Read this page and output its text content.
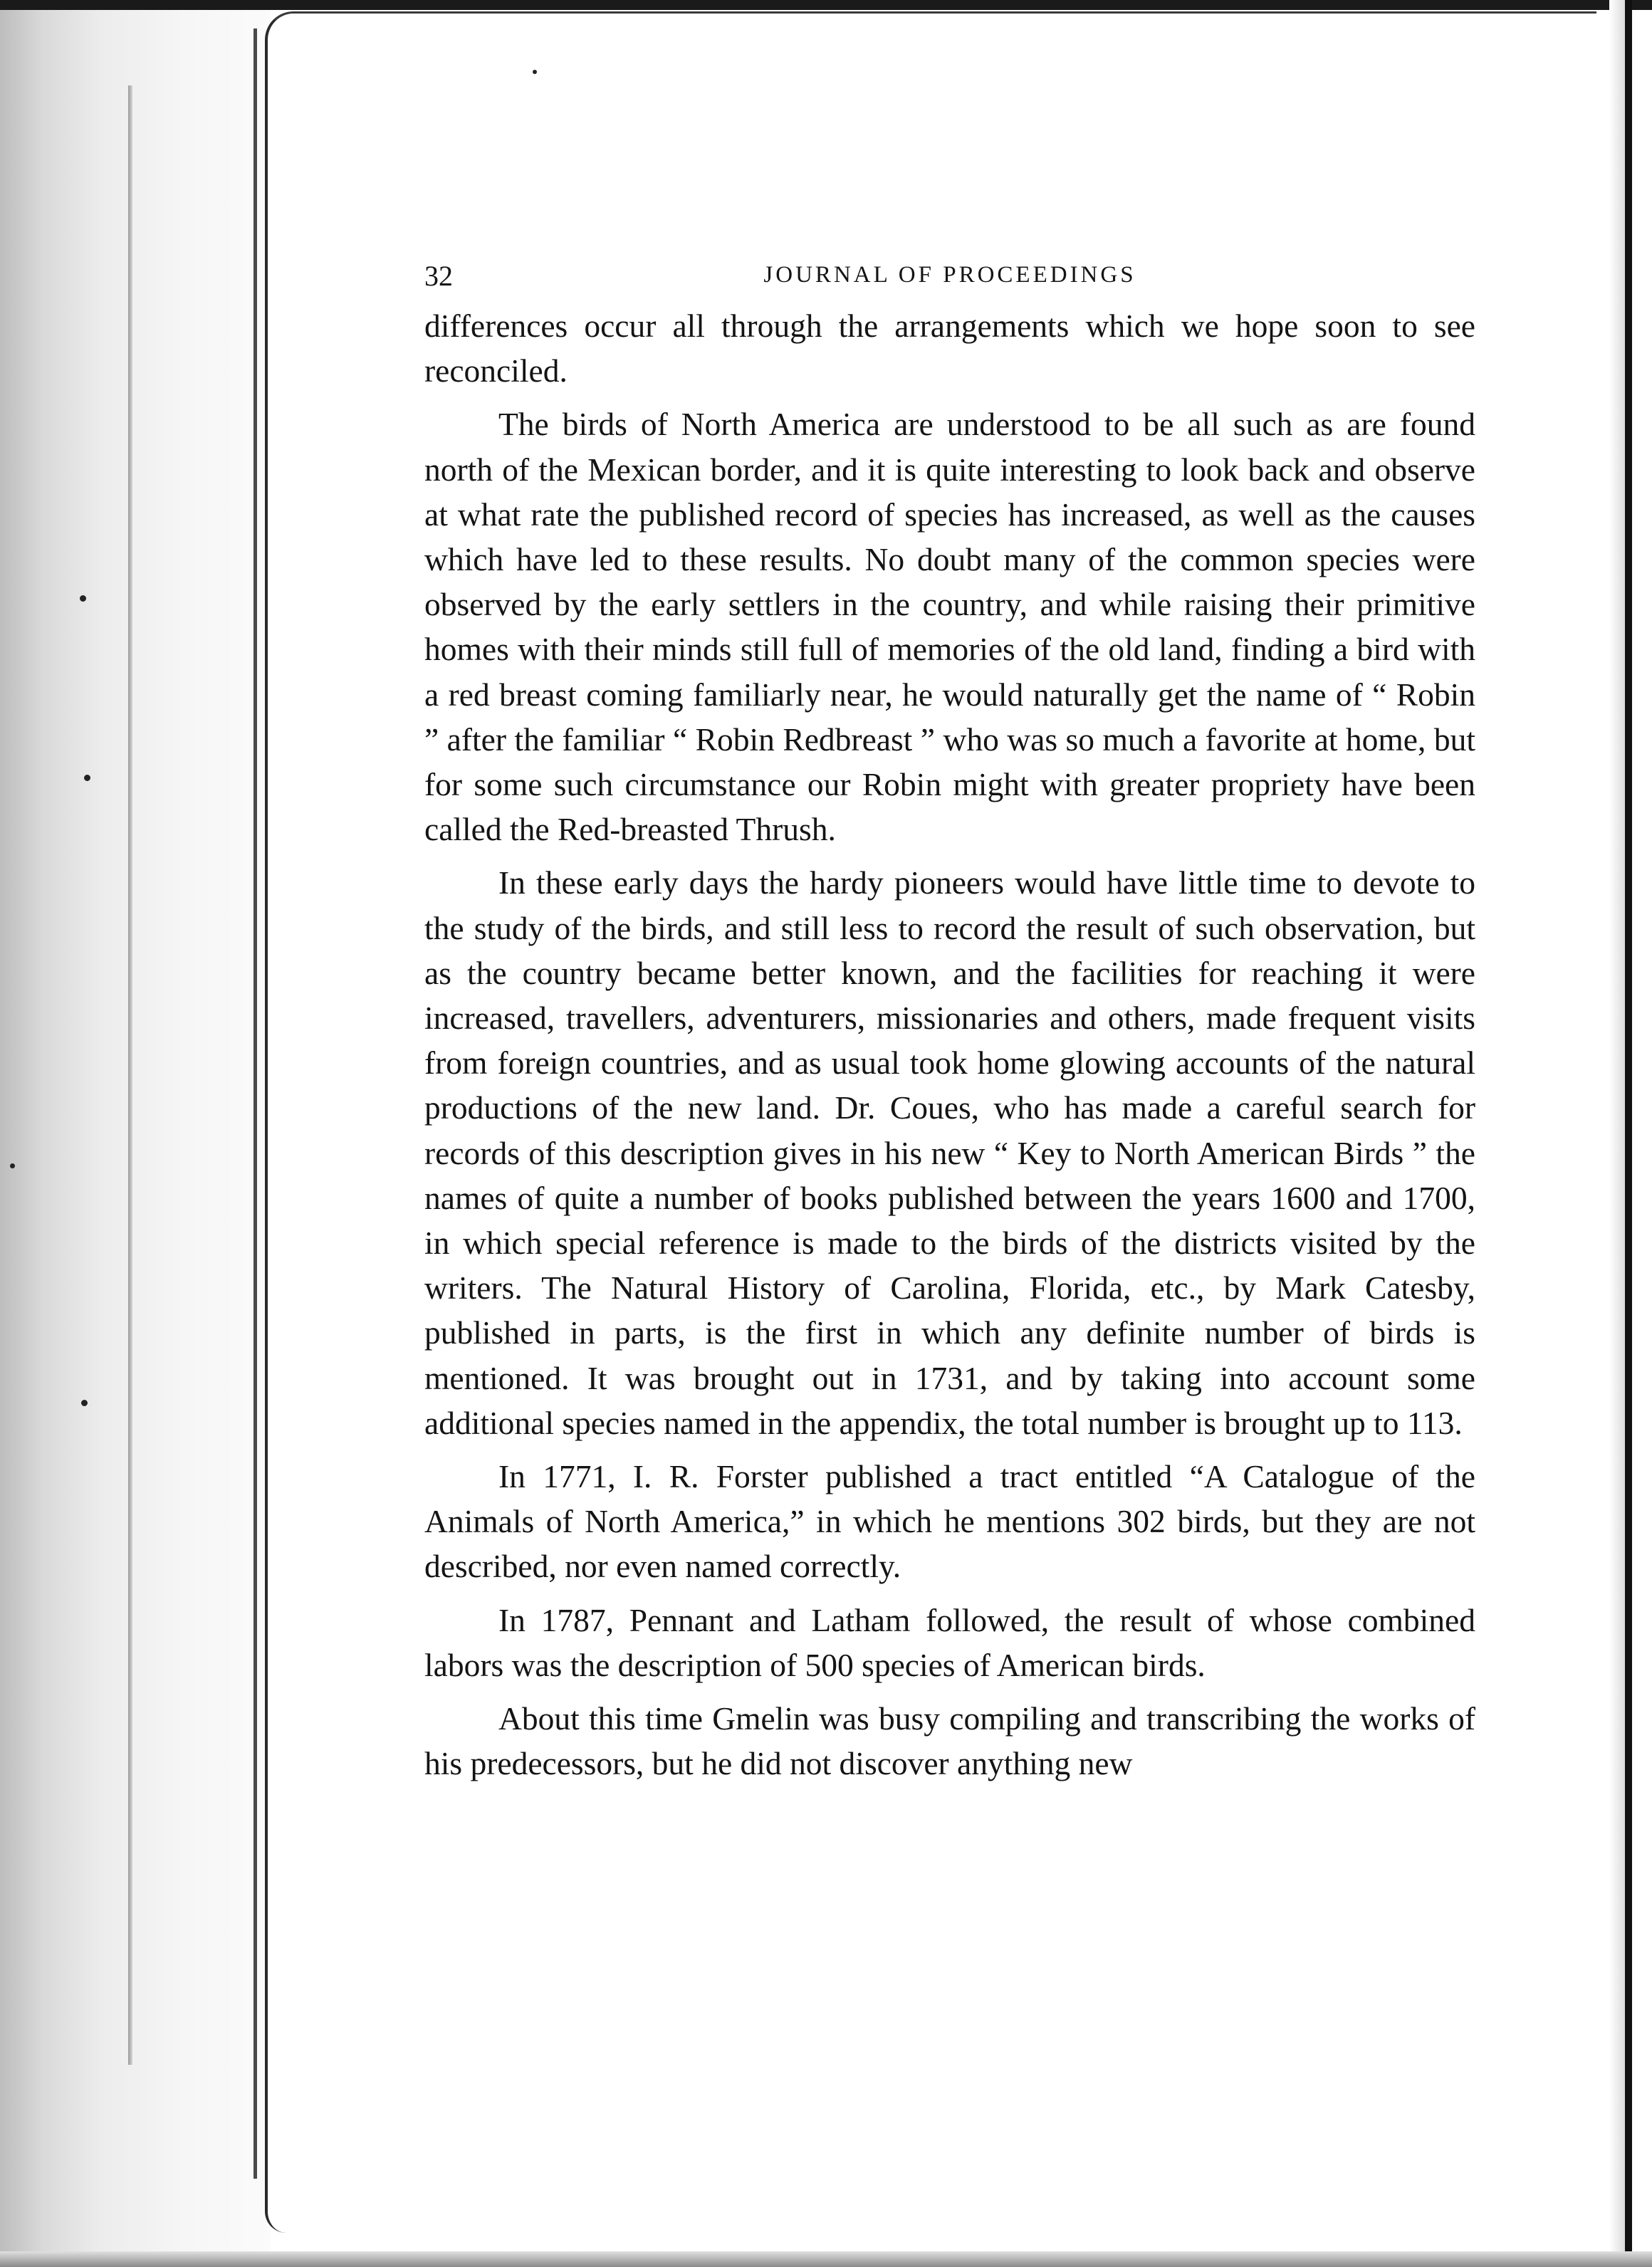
32	JOURNAL OF PROCEEDINGS

differences occur all through the arrangements which we hope soon to see reconciled.

The birds of North America are understood to be all such as are found north of the Mexican border, and it is quite interesting to look back and observe at what rate the published record of species has increased, as well as the causes which have led to these results. No doubt many of the common species were observed by the early settlers in the country, and while raising their primitive homes with their minds still full of memories of the old land, finding a bird with a red breast coming familiarly near, he would naturally get the name of “ Robin ” after the familiar “ Robin Redbreast ” who was so much a favorite at home, but for some such circumstance our Robin might with greater propriety have been called the Red-breasted Thrush.

In these early days the hardy pioneers would have little time to devote to the study of the birds, and still less to record the result of such observation, but as the country became better known, and the facilities for reaching it were increased, travellers, adventurers, missionaries and others, made frequent visits from foreign countries, and as usual took home glowing accounts of the natural productions of the new land. Dr. Coues, who has made a careful search for records of this description gives in his new “ Key to North American Birds ” the names of quite a number of books published between the years 1600 and 1700, in which special reference is made to the birds of the districts visited by the writers. The Natural History of Carolina, Florida, etc., by Mark Catesby, published in parts, is the first in which any definite number of birds is mentioned. It was brought out in 1731, and by taking into account some additional species named in the appendix, the total number is brought up to 113.

In 1771, I. R. Forster published a tract entitled “A Catalogue of the Animals of North America,” in which he mentions 302 birds, but they are not described, nor even named correctly.

In 1787, Pennant and Latham followed, the result of whose combined labors was the description of 500 species of American birds.

About this time Gmelin was busy compiling and transcribing the works of his predecessors, but he did not discover anything new
